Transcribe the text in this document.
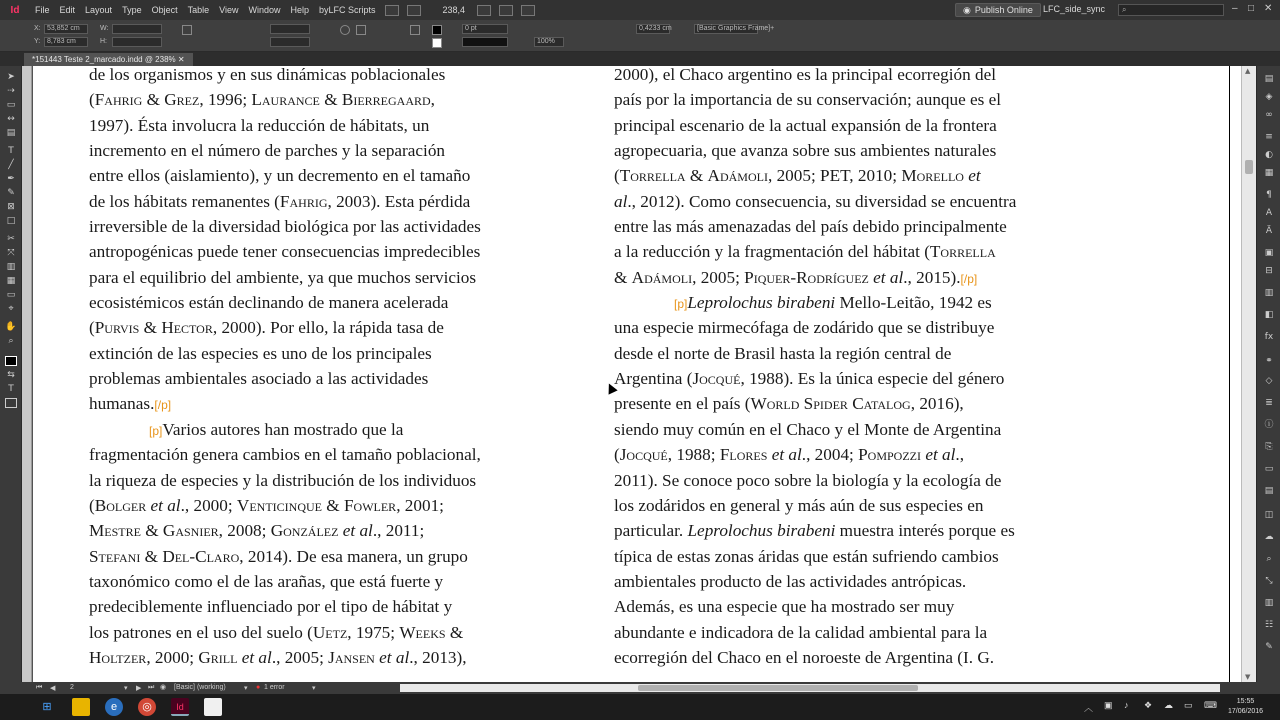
Id	File	Edit	Layout	Type	Object	Table	View	Window	Help	byLFC Scripts	238,4	◉ Publish Online LFC_side_sync ⌕	– □ ✕
X: 53,852 cm
Y: 8,783 cm
W:
H:
0 pt
100%
0,4233 cm	[Basic Graphics Frame]+
*151443 Teste 2_marcado.indd @ 238% ✕
➤
⇢
▭
↔
▤
T
╱
✒
✎
⊠
□
✂
⤧
▥
▦
▭
⌖
✋
⌕
⇆
T
de los organismos y en sus dinámicas poblacionales
(Fahrig & Grez, 1996; Laurance & Bierregaard,
1997). Ésta involucra la reducción de hábitats, un
incremento en el número de parches y la separación
entre ellos (aislamiento), y un decremento en el tamaño
de los hábitats remanentes (Fahrig, 2003). Esta pérdida
irreversible de la diversidad biológica por las actividades
antropogénicas puede tener consecuencias impredecibles
para el equilibrio del ambiente, ya que muchos servicios
ecosistémicos están declinando de manera acelerada
(Purvis & Hector, 2000). Por ello, la rápida tasa de
extinción de las especies es uno de los principales
problemas ambientales asociado a las actividades
humanas.[/p]
[p]Varios autores han mostrado que la
fragmentación genera cambios en el tamaño poblacional,
la riqueza de especies y la distribución de los individuos
(Bolger et al., 2000; Venticinque & Fowler, 2001;
Mestre & Gasnier, 2008; González et al., 2011;
Stefani & Del-Claro, 2014). De esa manera, un grupo
taxonómico como el de las arañas, que está fuerte y
predeciblemente influenciado por el tipo de hábitat y
los patrones en el uso del suelo (Uetz, 1975; Weeks &
Holtzer, 2000; Grill et al., 2005; Jansen et al., 2013),
2000), el Chaco argentino es la principal ecorregión del
país por la importancia de su conservación; aunque es el
principal escenario de la actual expansión de la frontera
agropecuaria, que avanza sobre sus ambientes naturales
(Torrella & Adámoli, 2005; PET, 2010; Morello et
al., 2012). Como consecuencia, su diversidad se encuentra
entre las más amenazadas del país debido principalmente
a la reducción y la fragmentación del hábitat (Torrella
& Adámoli, 2005; Piquer-Rodríguez et al., 2015).[/p]
[p]Leprolochus birabeni Mello-Leitão, 1942 es
una especie mirmecófaga de zodárido que se distribuye
desde el norte de Brasil hasta la región central de
Argentina (Jocqué, 1988). Es la única especie del género
presente en el país (World Spider Catalog, 2016),
siendo muy común en el Chaco y el Monte de Argentina
(Jocqué, 1988; Flores et al., 2004; Pompozzi et al.,
2011). Se conoce poco sobre la biología y la ecología de
los zodáridos en general y más aún de sus especies en
particular. Leprolochus birabeni muestra interés porque es
típica de estas zonas áridas que están sufriendo cambios
ambientales producto de las actividades antrópicas.
Además, es una especie que ha mostrado ser muy
abundante e indicadora de la calidad ambiental para la
ecorregión del Chaco en el noroeste de Argentina (I. G.
▲
▼
▤
◈
∞
≡
◐
▦
¶
A
Ä
▣
⊟
▥
◧
fx
⚭
◇
≣
ⓘ
⎘
▭
▤
◫
☁
⌕
⤡
▥
☷
✎
⏮ ◀ 2	▾ ▶ ⏭ ◉ [Basic] (working)	▾ ● 1 error	▾
⊞	e	◎	Id	︿ ▣ ♪ ❖ ☁ ▭ ⌨	15:55
17/06/2016
